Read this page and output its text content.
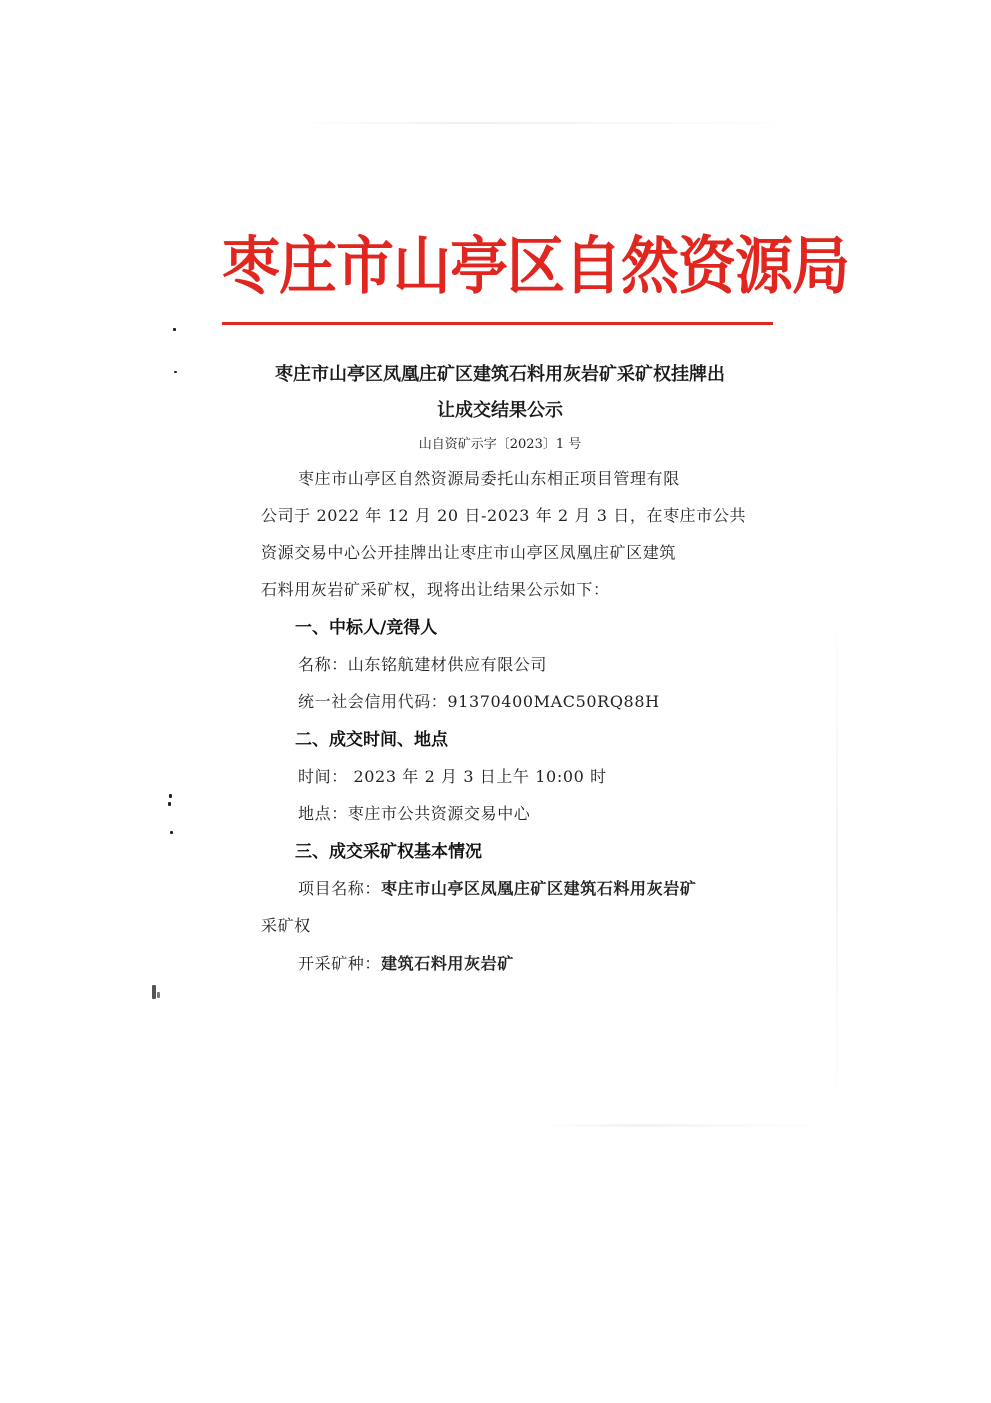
枣庄市山亭区自然资源局
枣庄市山亭区凤凰庄矿区建筑石料用灰岩矿采矿权挂牌出
让成交结果公示
山自资矿示字〔2023〕1 号
枣庄市山亭区自然资源局委托山东相正项目管理有限
公司于 2022 年 12 月 20 日-2023 年 2 月 3 日，在枣庄市公共
资源交易中心公开挂牌出让枣庄市山亭区凤凰庄矿区建筑
石料用灰岩矿采矿权，现将出让结果公示如下：
一、中标人/竞得人
名称：山东铭航建材供应有限公司
统一社会信用代码：91370400MAC50RQ88H
二、成交时间、地点
时间： 2023 年 2 月 3 日上午 10:00 时
地点：枣庄市公共资源交易中心
三、成交采矿权基本情况
项目名称：枣庄市山亭区凤凰庄矿区建筑石料用灰岩矿
采矿权
开采矿种：建筑石料用灰岩矿
